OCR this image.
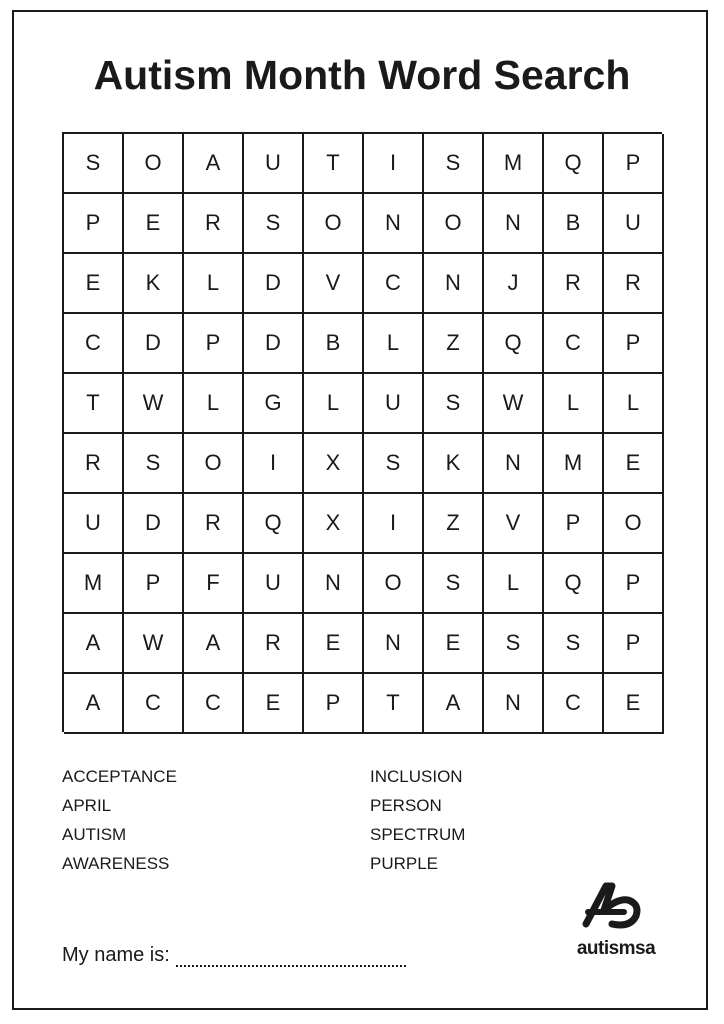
Autism Month Word Search
S	O	A	U	T	I	S	M	Q	P
P	E	R	S	O	N	O	N	B	U
E	K	L	D	V	C	N	J	R	R
C	D	P	D	B	L	Z	Q	C	P
T	W	L	G	L	U	S	W	L	L
R	S	O	I	X	S	K	N	M	E
U	D	R	Q	X	I	Z	V	P	O
M	P	F	U	N	O	S	L	Q	P
A	W	A	R	E	N	E	S	S	P
A	C	C	E	P	T	A	N	C	E
ACCEPTANCE
APRIL
AUTISM
AWARENESS
INCLUSION
PERSON
SPECTRUM
PURPLE
My name is:	autismsa
